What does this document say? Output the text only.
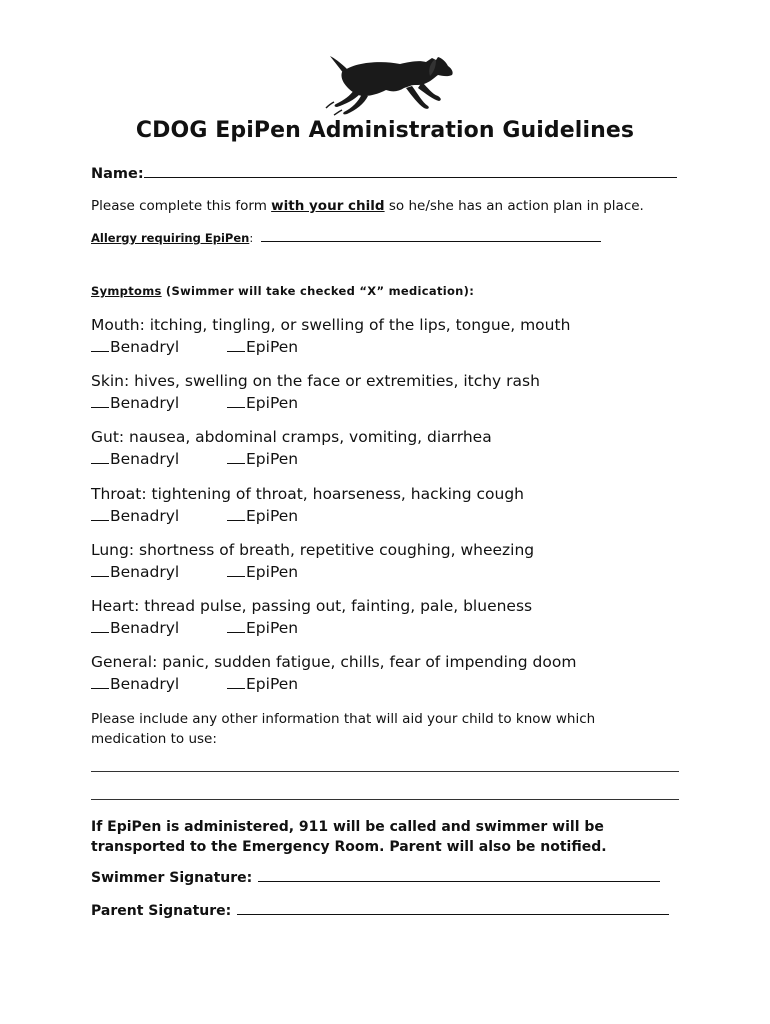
CDOG EpiPen Administration Guidelines
Name:
Please complete this form with your child so he/she has an action plan in place.
Allergy requiring EpiPen:
Symptoms (Swimmer will take checked “X” medication):
Mouth: itching, tingling, or swelling of the lips, tongue, mouth
Benadryl	EpiPen
Skin: hives, swelling on the face or extremities, itchy rash
Benadryl	EpiPen
Gut: nausea, abdominal cramps, vomiting, diarrhea
Benadryl	EpiPen
Throat: tightening of throat, hoarseness, hacking cough
Benadryl	EpiPen
Lung: shortness of breath, repetitive coughing, wheezing
Benadryl	EpiPen
Heart: thread pulse, passing out, fainting, pale, blueness
Benadryl	EpiPen
General: panic, sudden fatigue, chills, fear of impending doom
Benadryl	EpiPen
Please include any other information that will aid your child to know which
medication to use:
If EpiPen is administered, 911 will be called and swimmer will be
transported to the Emergency Room. Parent will also be notified.
Swimmer Signature:
Parent Signature:
